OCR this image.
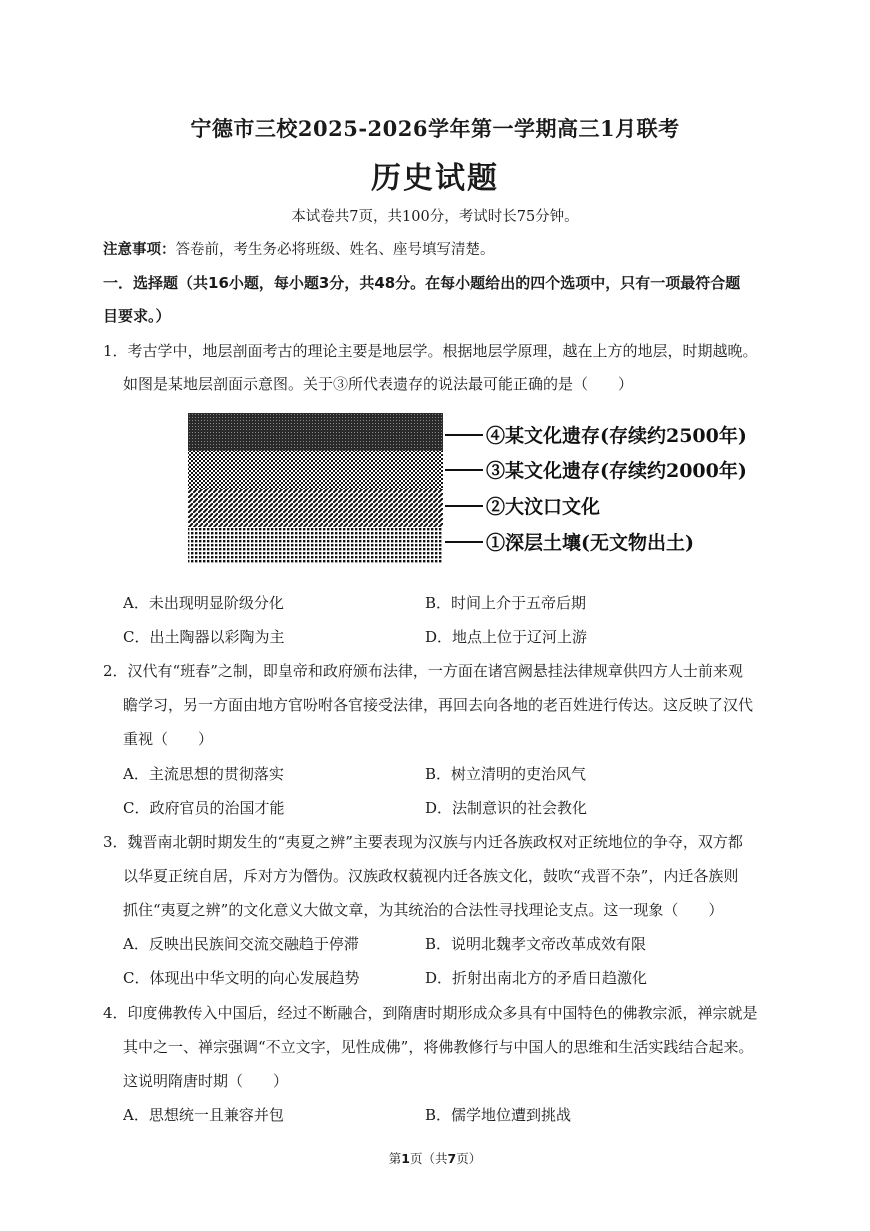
宁德市三校2025-2026学年第一学期高三1月联考
历史试题
本试卷共7页，共100分，考试时长75分钟。
注意事项：答卷前，考生务必将班级、姓名、座号填写清楚。
一．选择题（共16小题，每小题3分，共48分。在每小题给出的四个选项中，只有一项最符合题
目要求。）
1．考古学中，地层剖面考古的理论主要是地层学。根据地层学原理，越在上方的地层，时期越晚。
如图是某地层剖面示意图。关于③所代表遗存的说法最可能正确的是（　　）
④某文化遗存(存续约2500年)
③某文化遗存(存续约2000年)
②大汶口文化
①深层土壤(无文物出土)
A．未出现明显阶级分化	B．时间上介于五帝后期
C．出土陶器以彩陶为主	D．地点上位于辽河上游
2．汉代有“班春”之制，即皇帝和政府颁布法律，一方面在诸宫阙悬挂法律规章供四方人士前来观
瞻学习，另一方面由地方官吩咐各官接受法律，再回去向各地的老百姓进行传达。这反映了汉代
重视（　　）
A．主流思想的贯彻落实	B．树立清明的吏治风气
C．政府官员的治国才能	D．法制意识的社会教化
3．魏晋南北朝时期发生的“夷夏之辨”主要表现为汉族与内迁各族政权对正统地位的争夺，双方都
以华夏正统自居，斥对方为僭伪。汉族政权藐视内迁各族文化，鼓吹“戎晋不杂”，内迁各族则
抓住“夷夏之辨”的文化意义大做文章，为其统治的合法性寻找理论支点。这一现象（　　）
A．反映出民族间交流交融趋于停滞	B．说明北魏孝文帝改革成效有限
C．体现出中华文明的向心发展趋势	D．折射出南北方的矛盾日趋激化
4．印度佛教传入中国后，经过不断融合，到隋唐时期形成众多具有中国特色的佛教宗派，禅宗就是
其中之一、禅宗强调“不立文字，见性成佛”，将佛教修行与中国人的思维和生活实践结合起来。
这说明隋唐时期（　　）
A．思想统一且兼容并包	B．儒学地位遭到挑战
第1页（共7页）
